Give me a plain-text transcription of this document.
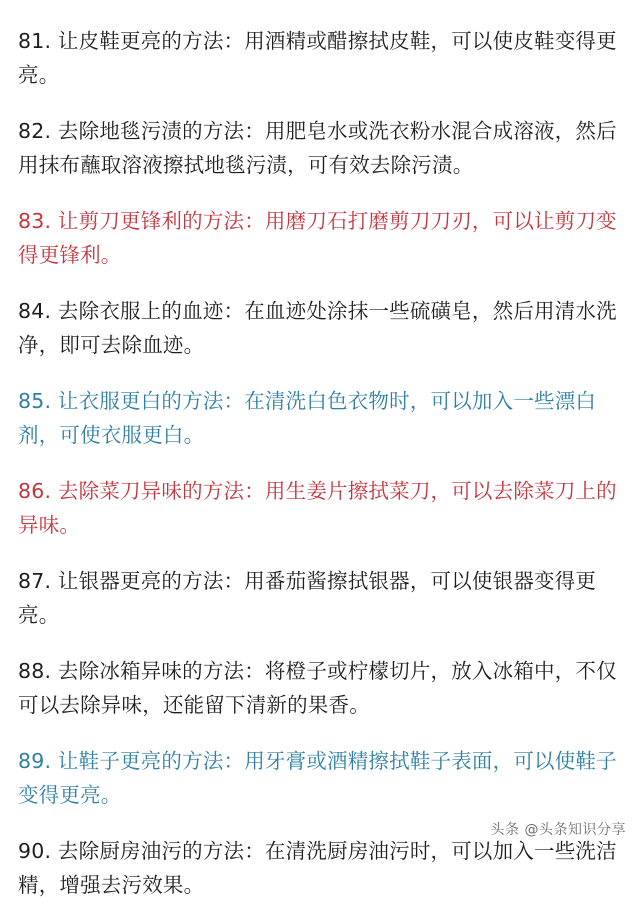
81. 让皮鞋更亮的方法：用酒精或醋擦拭皮鞋，可以使皮鞋变得更亮。

82. 去除地毯污渍的方法：用肥皂水或洗衣粉水混合成溶液，然后用抹布蘸取溶液擦拭地毯污渍，可有效去除污渍。

83. 让剪刀更锋利的方法：用磨刀石打磨剪刀刀刃，可以让剪刀变得更锋利。

84. 去除衣服上的血迹：在血迹处涂抹一些硫磺皂，然后用清水洗净，即可去除血迹。

85. 让衣服更白的方法：在清洗白色衣物时，可以加入一些漂白剂，可使衣服更白。

86. 去除菜刀异味的方法：用生姜片擦拭菜刀，可以去除菜刀上的异味。

87. 让银器更亮的方法：用番茄酱擦拭银器，可以使银器变得更亮。

88. 去除冰箱异味的方法：将橙子或柠檬切片，放入冰箱中，不仅可以去除异味，还能留下清新的果香。

89. 让鞋子更亮的方法：用牙膏或酒精擦拭鞋子表面，可以使鞋子变得更亮。

90. 去除厨房油污的方法：在清洗厨房油污时，可以加入一些洗洁精，增强去污效果。

头条 @头条知识分享
